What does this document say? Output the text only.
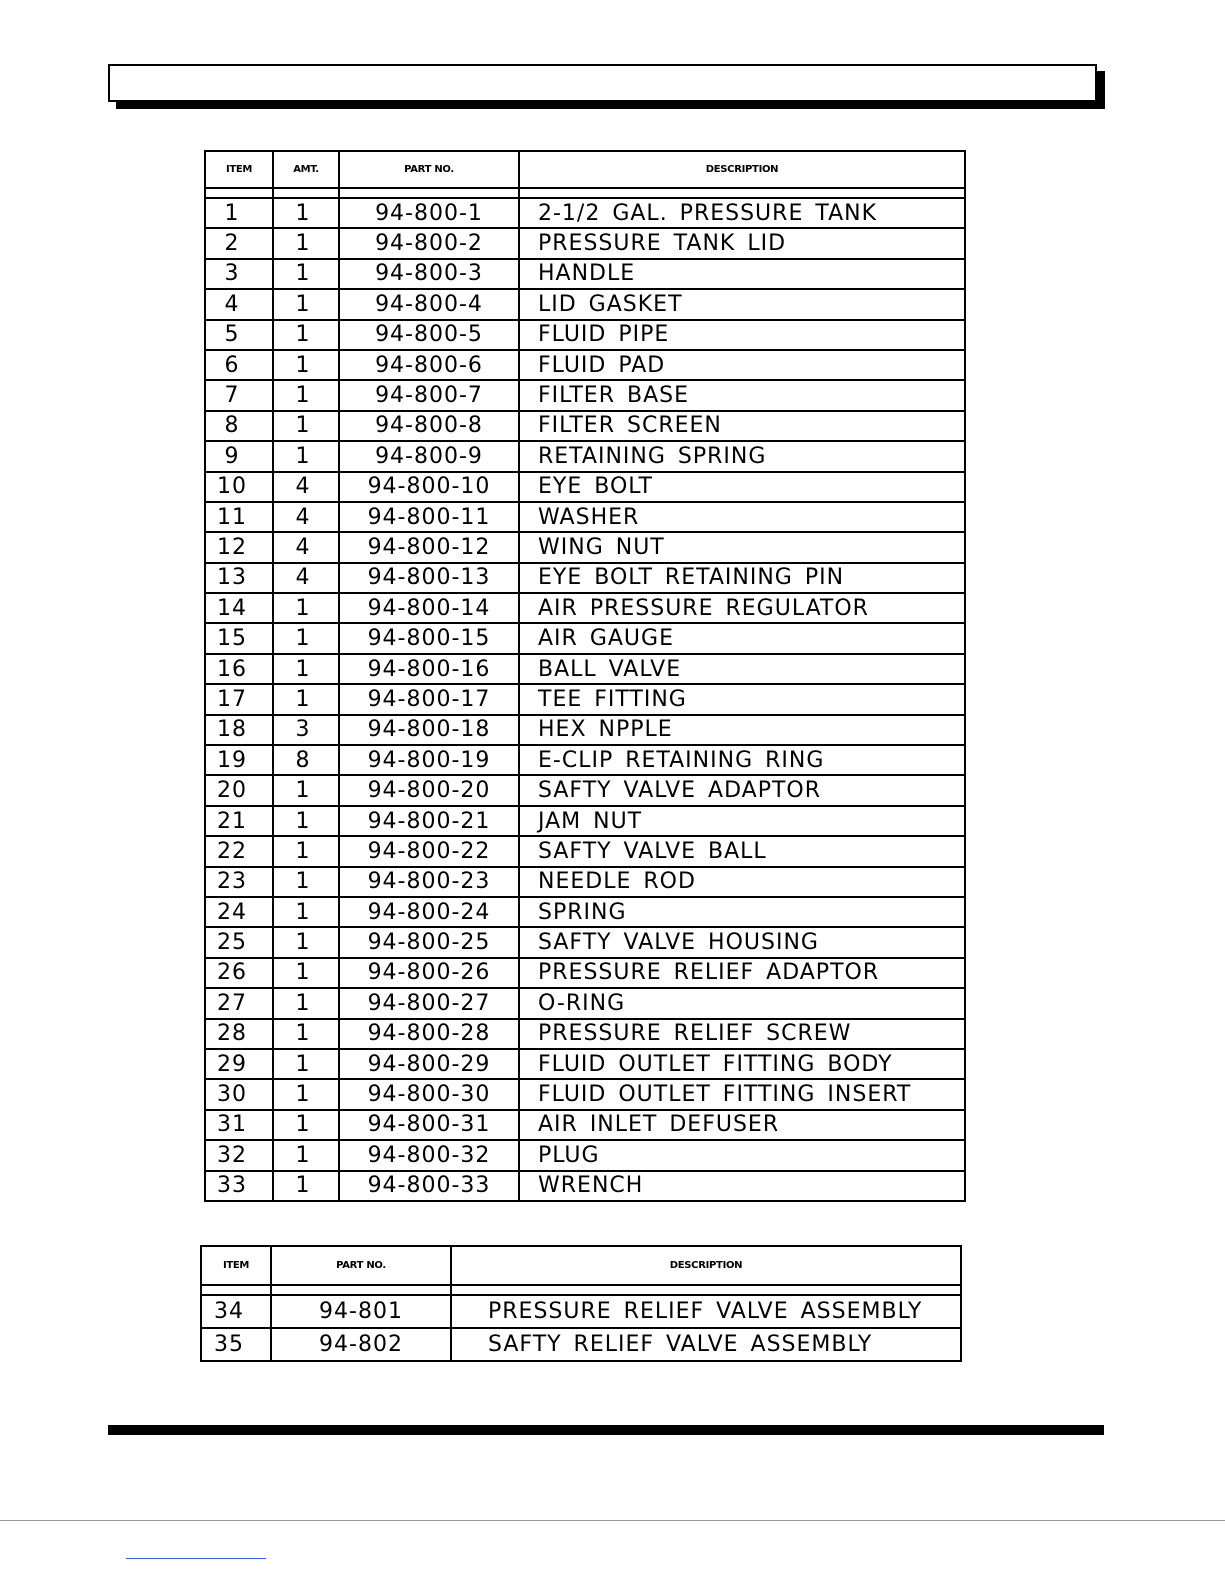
ITEM	AMT.	PART NO.	DESCRIPTION

1	1	94-800-1	2-1/2 GAL. PRESSURE TANK
2	1	94-800-2	PRESSURE TANK LID
3	1	94-800-3	HANDLE
4	1	94-800-4	LID GASKET
5	1	94-800-5	FLUID PIPE
6	1	94-800-6	FLUID PAD
7	1	94-800-7	FILTER BASE
8	1	94-800-8	FILTER SCREEN
9	1	94-800-9	RETAINING SPRING
10	4	94-800-10	EYE BOLT
11	4	94-800-11	WASHER
12	4	94-800-12	WING NUT
13	4	94-800-13	EYE BOLT RETAINING PIN
14	1	94-800-14	AIR PRESSURE REGULATOR
15	1	94-800-15	AIR GAUGE
16	1	94-800-16	BALL VALVE
17	1	94-800-17	TEE FITTING
18	3	94-800-18	HEX NPPLE
19	8	94-800-19	E-CLIP RETAINING RING
20	1	94-800-20	SAFTY VALVE ADAPTOR
21	1	94-800-21	JAM NUT
22	1	94-800-22	SAFTY VALVE BALL
23	1	94-800-23	NEEDLE ROD
24	1	94-800-24	SPRING
25	1	94-800-25	SAFTY VALVE HOUSING
26	1	94-800-26	PRESSURE RELIEF ADAPTOR
27	1	94-800-27	O-RING
28	1	94-800-28	PRESSURE RELIEF SCREW
29	1	94-800-29	FLUID OUTLET FITTING BODY
30	1	94-800-30	FLUID OUTLET FITTING INSERT
31	1	94-800-31	AIR INLET DEFUSER
32	1	94-800-32	PLUG
33	1	94-800-33	WRENCH
ITEM	PART NO.	DESCRIPTION

34	94-801	PRESSURE RELIEF VALVE ASSEMBLY
35	94-802	SAFTY RELIEF VALVE ASSEMBLY
